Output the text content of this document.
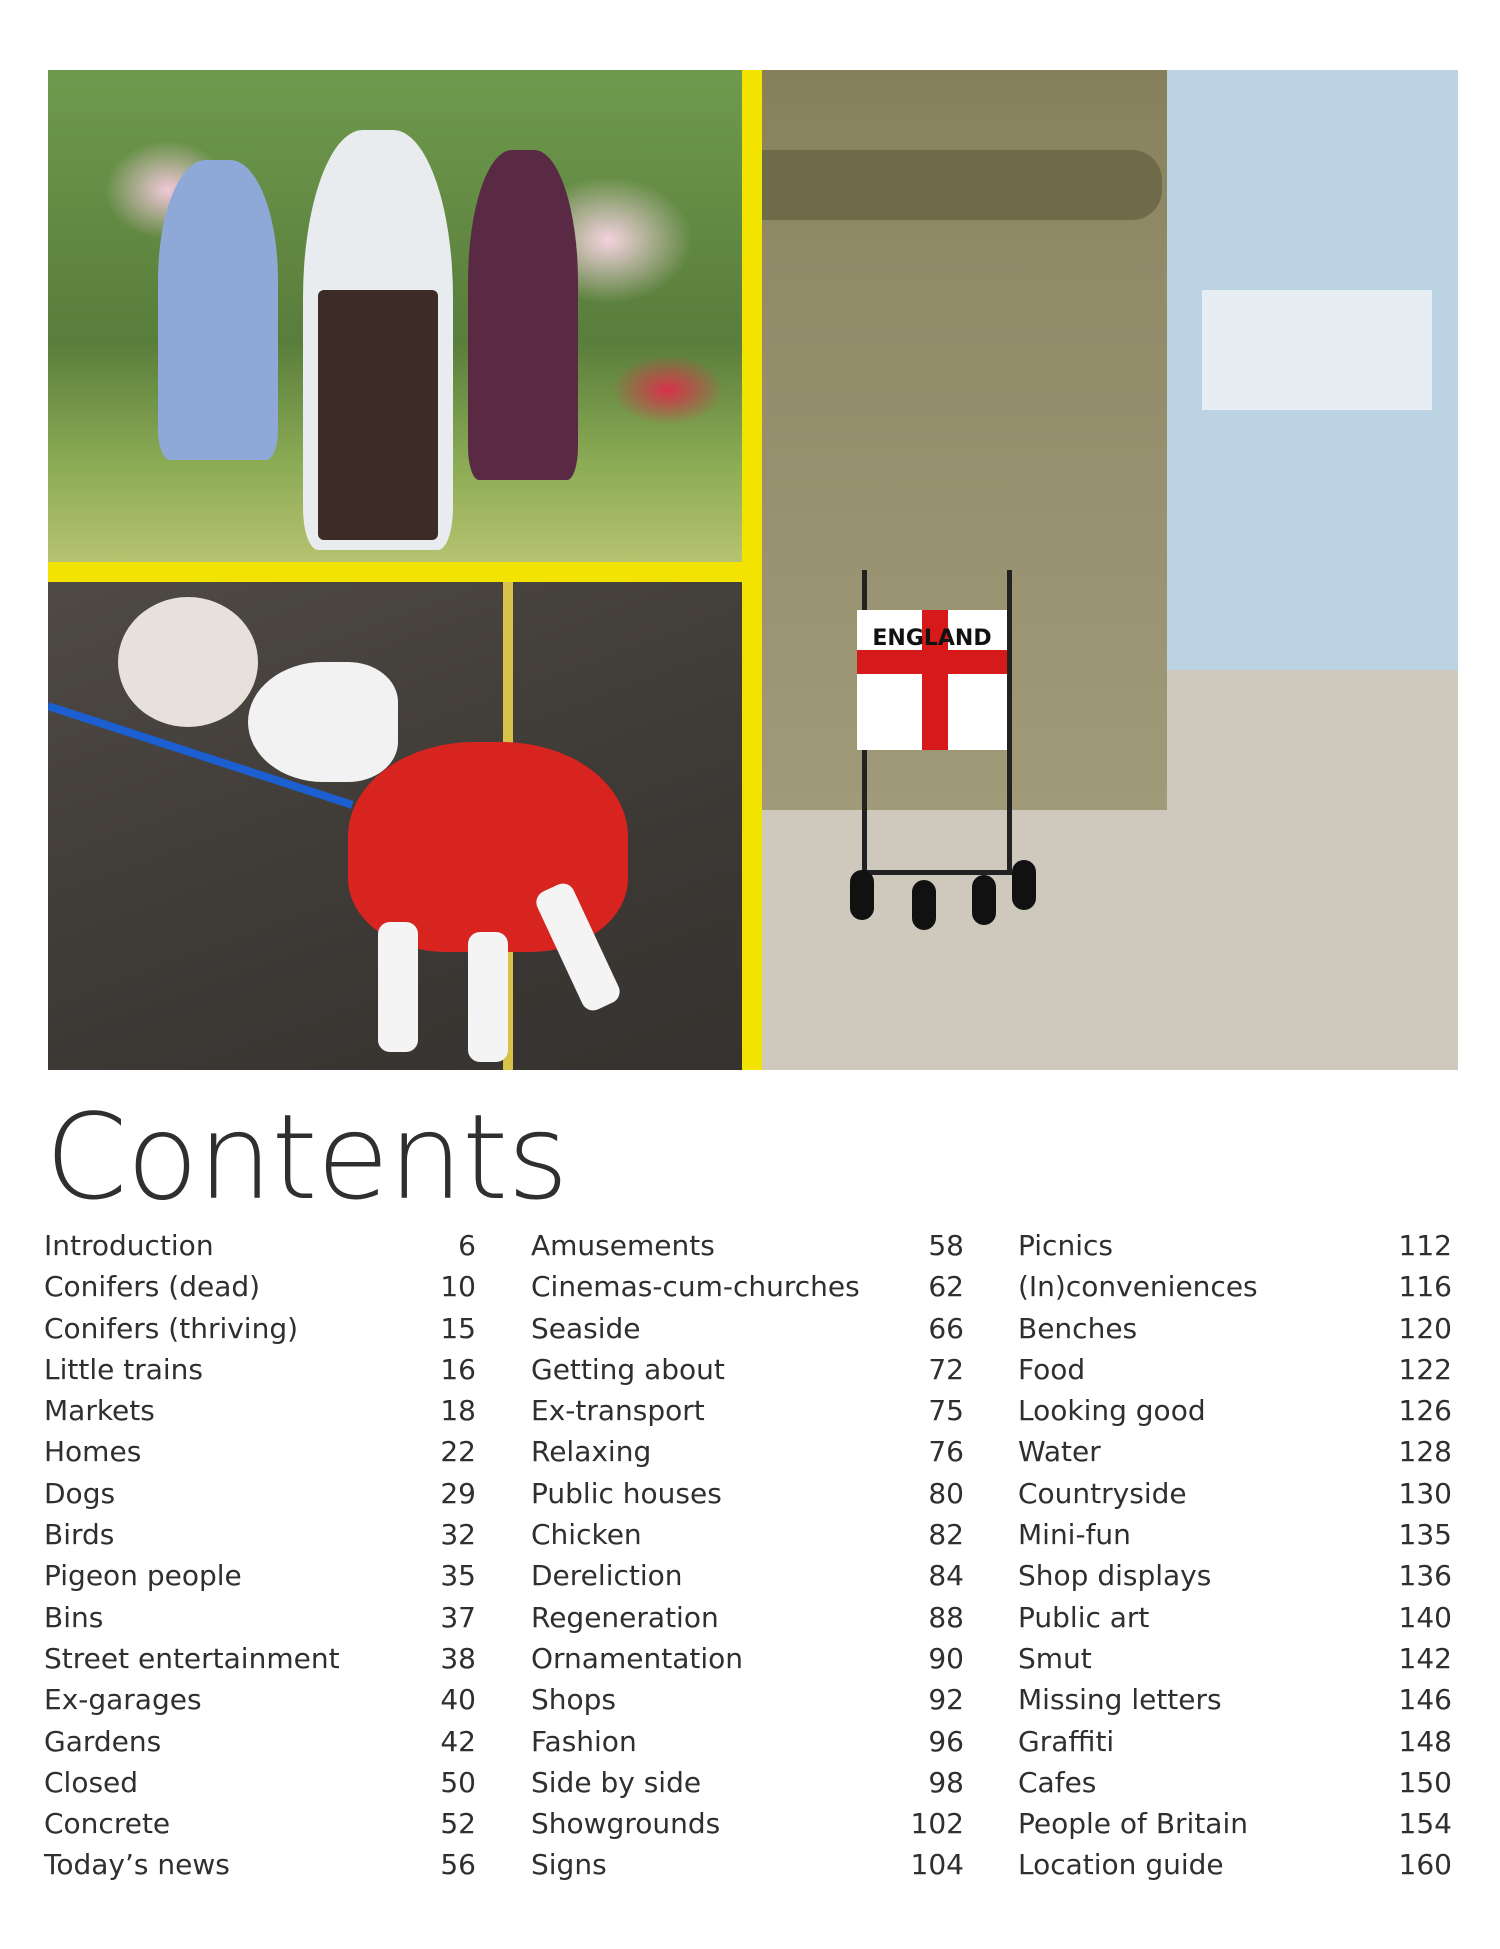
ENGLAND
Contents
Introduction	6
Conifers (dead)	10
Conifers (thriving)	15
Little trains	16
Markets	18
Homes	22
Dogs	29
Birds	32
Pigeon people	35
Bins	37
Street entertainment	38
Ex-garages	40
Gardens	42
Closed	50
Concrete	52
Today’s news	56
Amusements	58
Cinemas-cum-churches 62
Seaside	66
Getting about	72
Ex-transport	75
Relaxing	76
Public houses	80
Chicken	82
Dereliction	84
Regeneration	88
Ornamentation	90
Shops	92
Fashion	96
Side by side	98
Showgrounds	102
Signs	104
Picnics	112
(In)conveniences	116
Benches	120
Food	122
Looking good	126
Water	128
Countryside	130
Mini-fun	135
Shop displays	136
Public art	140
Smut	142
Missing letters	146
Graffiti	148
Cafes	150
People of Britain	154
Location guide	160
